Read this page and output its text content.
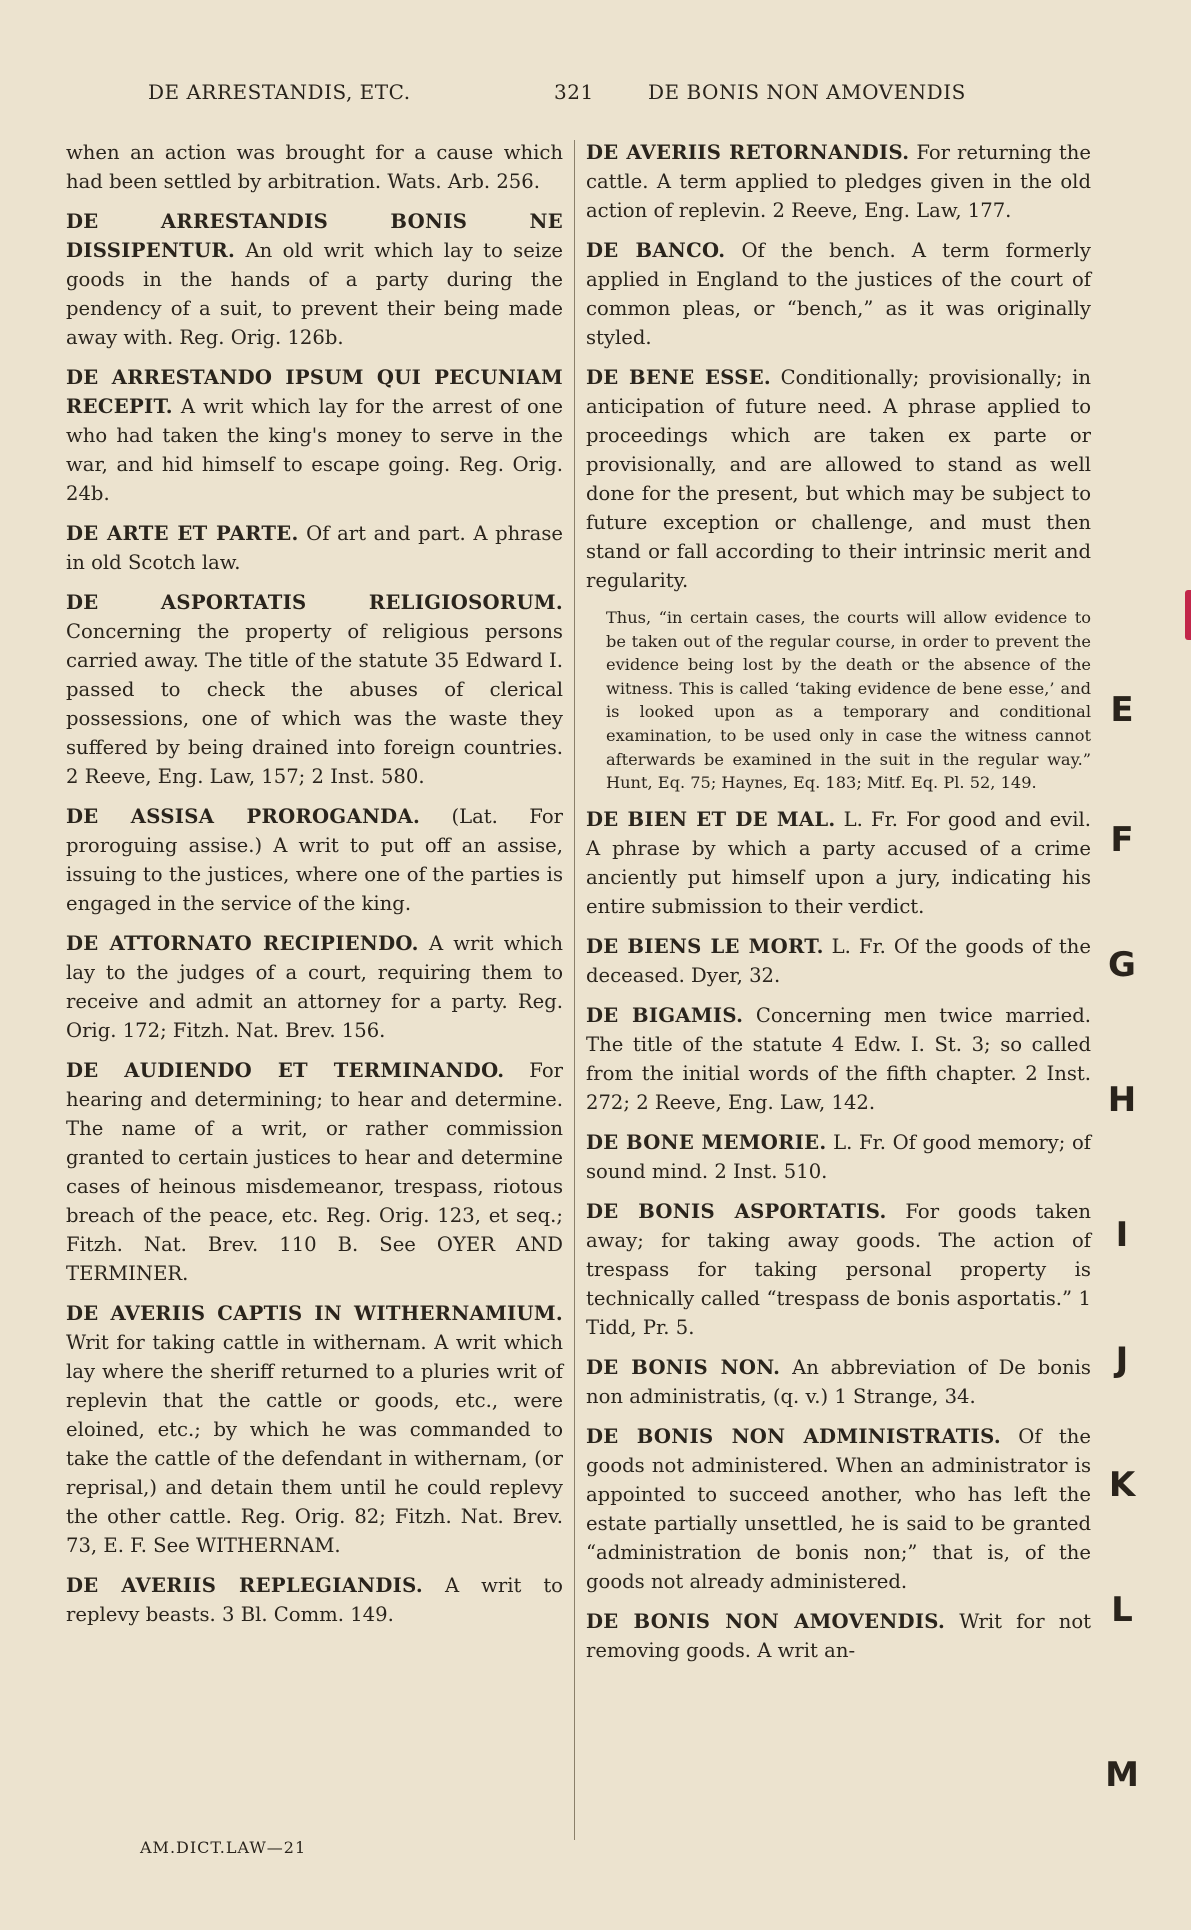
DE ARRESTANDIS, ETC.	321	DE BONIS NON AMOVENDIS

when an action was brought for a cause which had been settled by arbitration. Wats. Arb. 256.

DE ARRESTANDIS BONIS NE DISSIPENTUR. An old writ which lay to seize goods in the hands of a party during the pendency of a suit, to prevent their being made away with. Reg. Orig. 126b.

DE ARRESTANDO IPSUM QUI PECUNIAM RECEPIT. A writ which lay for the arrest of one who had taken the king's money to serve in the war, and hid himself to escape going. Reg. Orig. 24b.

DE ARTE ET PARTE. Of art and part. A phrase in old Scotch law.

DE ASPORTATIS RELIGIOSORUM. Concerning the property of religious persons carried away. The title of the statute 35 Edward I. passed to check the abuses of clerical possessions, one of which was the waste they suffered by being drained into foreign countries. 2 Reeve, Eng. Law, 157; 2 Inst. 580.

DE ASSISA PROROGANDA. (Lat. For proroguing assise.) A writ to put off an assise, issuing to the justices, where one of the parties is engaged in the service of the king.

DE ATTORNATO RECIPIENDO. A writ which lay to the judges of a court, requiring them to receive and admit an attorney for a party. Reg. Orig. 172; Fitzh. Nat. Brev. 156.

DE AUDIENDO ET TERMINANDO. For hearing and determining; to hear and determine. The name of a writ, or rather commission granted to certain justices to hear and determine cases of heinous misdemeanor, trespass, riotous breach of the peace, etc. Reg. Orig. 123, et seq.; Fitzh. Nat. Brev. 110 B. See OYER AND TERMINER.

DE AVERIIS CAPTIS IN WITHERNAMIUM. Writ for taking cattle in withernam. A writ which lay where the sheriff returned to a pluries writ of replevin that the cattle or goods, etc., were eloined, etc.; by which he was commanded to take the cattle of the defendant in withernam, (or reprisal,) and detain them until he could replevy the other cattle. Reg. Orig. 82; Fitzh. Nat. Brev. 73, E. F. See WITHERNAM.

DE AVERIIS REPLEGIANDIS. A writ to replevy beasts. 3 Bl. Comm. 149.

DE AVERIIS RETORNANDIS. For returning the cattle. A term applied to pledges given in the old action of replevin. 2 Reeve, Eng. Law, 177.

DE BANCO. Of the bench. A term formerly applied in England to the justices of the court of common pleas, or “bench,” as it was originally styled.

DE BENE ESSE. Conditionally; provisionally; in anticipation of future need. A phrase applied to proceedings which are taken ex parte or provisionally, and are allowed to stand as well done for the present, but which may be subject to future exception or challenge, and must then stand or fall according to their intrinsic merit and regularity.

Thus, “in certain cases, the courts will allow evidence to be taken out of the regular course, in order to prevent the evidence being lost by the death or the absence of the witness. This is called ‘taking evidence de bene esse,’ and is looked upon as a temporary and conditional examination, to be used only in case the witness cannot afterwards be examined in the suit in the regular way.” Hunt, Eq. 75; Haynes, Eq. 183; Mitf. Eq. Pl. 52, 149.

DE BIEN ET DE MAL. L. Fr. For good and evil. A phrase by which a party accused of a crime anciently put himself upon a jury, indicating his entire submission to their verdict.

DE BIENS LE MORT. L. Fr. Of the goods of the deceased. Dyer, 32.

DE BIGAMIS. Concerning men twice married. The title of the statute 4 Edw. I. St. 3; so called from the initial words of the fifth chapter. 2 Inst. 272; 2 Reeve, Eng. Law, 142.

DE BONE MEMORIE. L. Fr. Of good memory; of sound mind. 2 Inst. 510.

DE BONIS ASPORTATIS. For goods taken away; for taking away goods. The action of trespass for taking personal property is technically called “trespass de bonis asportatis.” 1 Tidd, Pr. 5.

DE BONIS NON. An abbreviation of De bonis non administratis, (q. v.) 1 Strange, 34.

DE BONIS NON ADMINISTRATIS. Of the goods not administered. When an administrator is appointed to succeed another, who has left the estate partially unsettled, he is said to be granted “administration de bonis non;” that is, of the goods not already administered.

DE BONIS NON AMOVENDIS. Writ for not removing goods. A writ an-

AM.DICT.LAW—21
E
F
G
H
I
J
K
L
M
